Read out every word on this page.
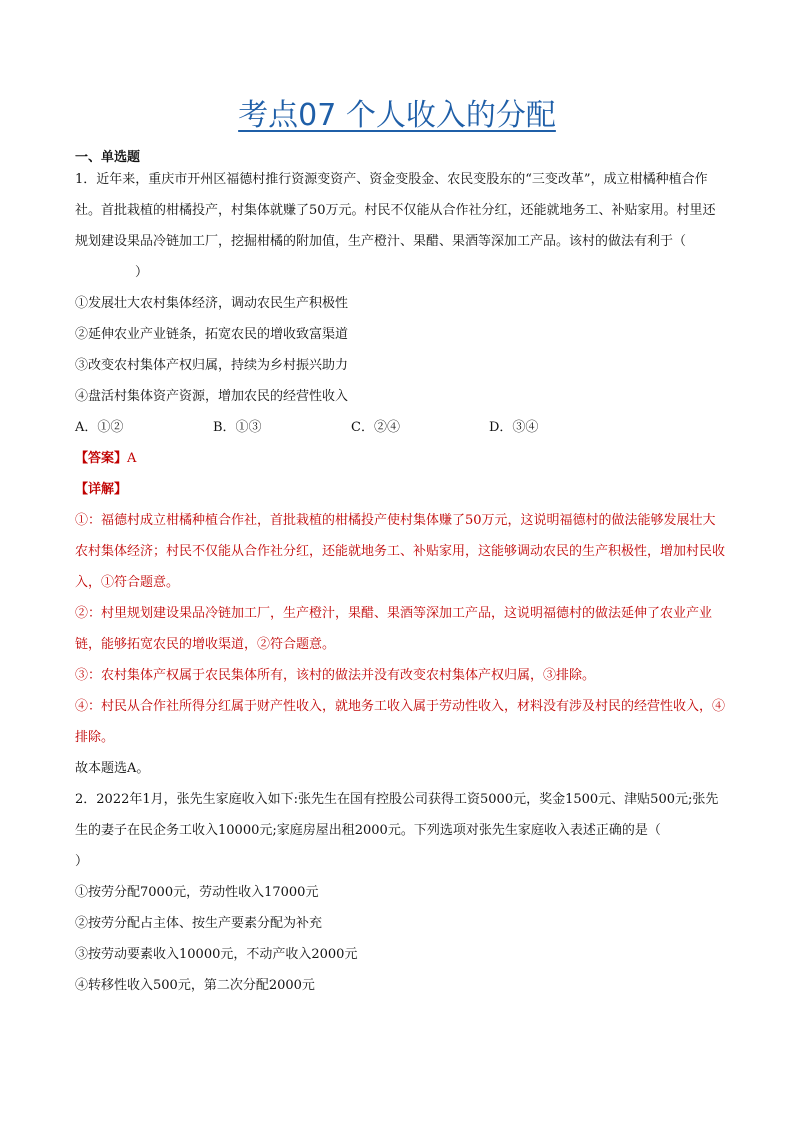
考点07 个人收入的分配
一、单选题
1．近年来，重庆市开州区福德村推行资源变资产、资金变股金、农民变股东的“三变改革”，成立柑橘种植合作社。首批栽植的柑橘投产，村集体就赚了50万元。村民不仅能从合作社分红，还能就地务工、补贴家用。村里还规划建设果品冷链加工厂，挖掘柑橘的附加值，生产橙汁、果醋、果酒等深加工产品。该村的做法有利于（）
①发展壮大农村集体经济，调动农民生产积极性
②延伸农业产业链条，拓宽农民的增收致富渠道
③改变农村集体产权归属，持续为乡村振兴助力
④盘活村集体资产资源，增加农民的经营性收入
A．①②	B．①③	C．②④	D．③④
【答案】A
【详解】
①：福德村成立柑橘种植合作社，首批栽植的柑橘投产使村集体赚了50万元，这说明福德村的做法能够发展壮大农村集体经济；村民不仅能从合作社分红，还能就地务工、补贴家用，这能够调动农民的生产积极性，增加村民收入，①符合题意。
②：村里规划建设果品冷链加工厂，生产橙汁，果醋、果酒等深加工产品，这说明福德村的做法延伸了农业产业链，能够拓宽农民的增收渠道，②符合题意。
③：农村集体产权属于农民集体所有，该村的做法并没有改变农村集体产权归属，③排除。
④：村民从合作社所得分红属于财产性收入，就地务工收入属于劳动性收入，材料没有涉及村民的经营性收入，④排除。
故本题选A。
2．2022年1月，张先生家庭收入如下:张先生在国有控股公司获得工资5000元，奖金1500元、津贴500元;张先生的妻子在民企务工收入10000元;家庭房屋出租2000元。下列选项对张先生家庭收入表述正确的是（）
①按劳分配7000元，劳动性收入17000元
②按劳分配占主体、按生产要素分配为补充
③按劳动要素收入10000元，不动产收入2000元
④转移性收入500元，第二次分配2000元
